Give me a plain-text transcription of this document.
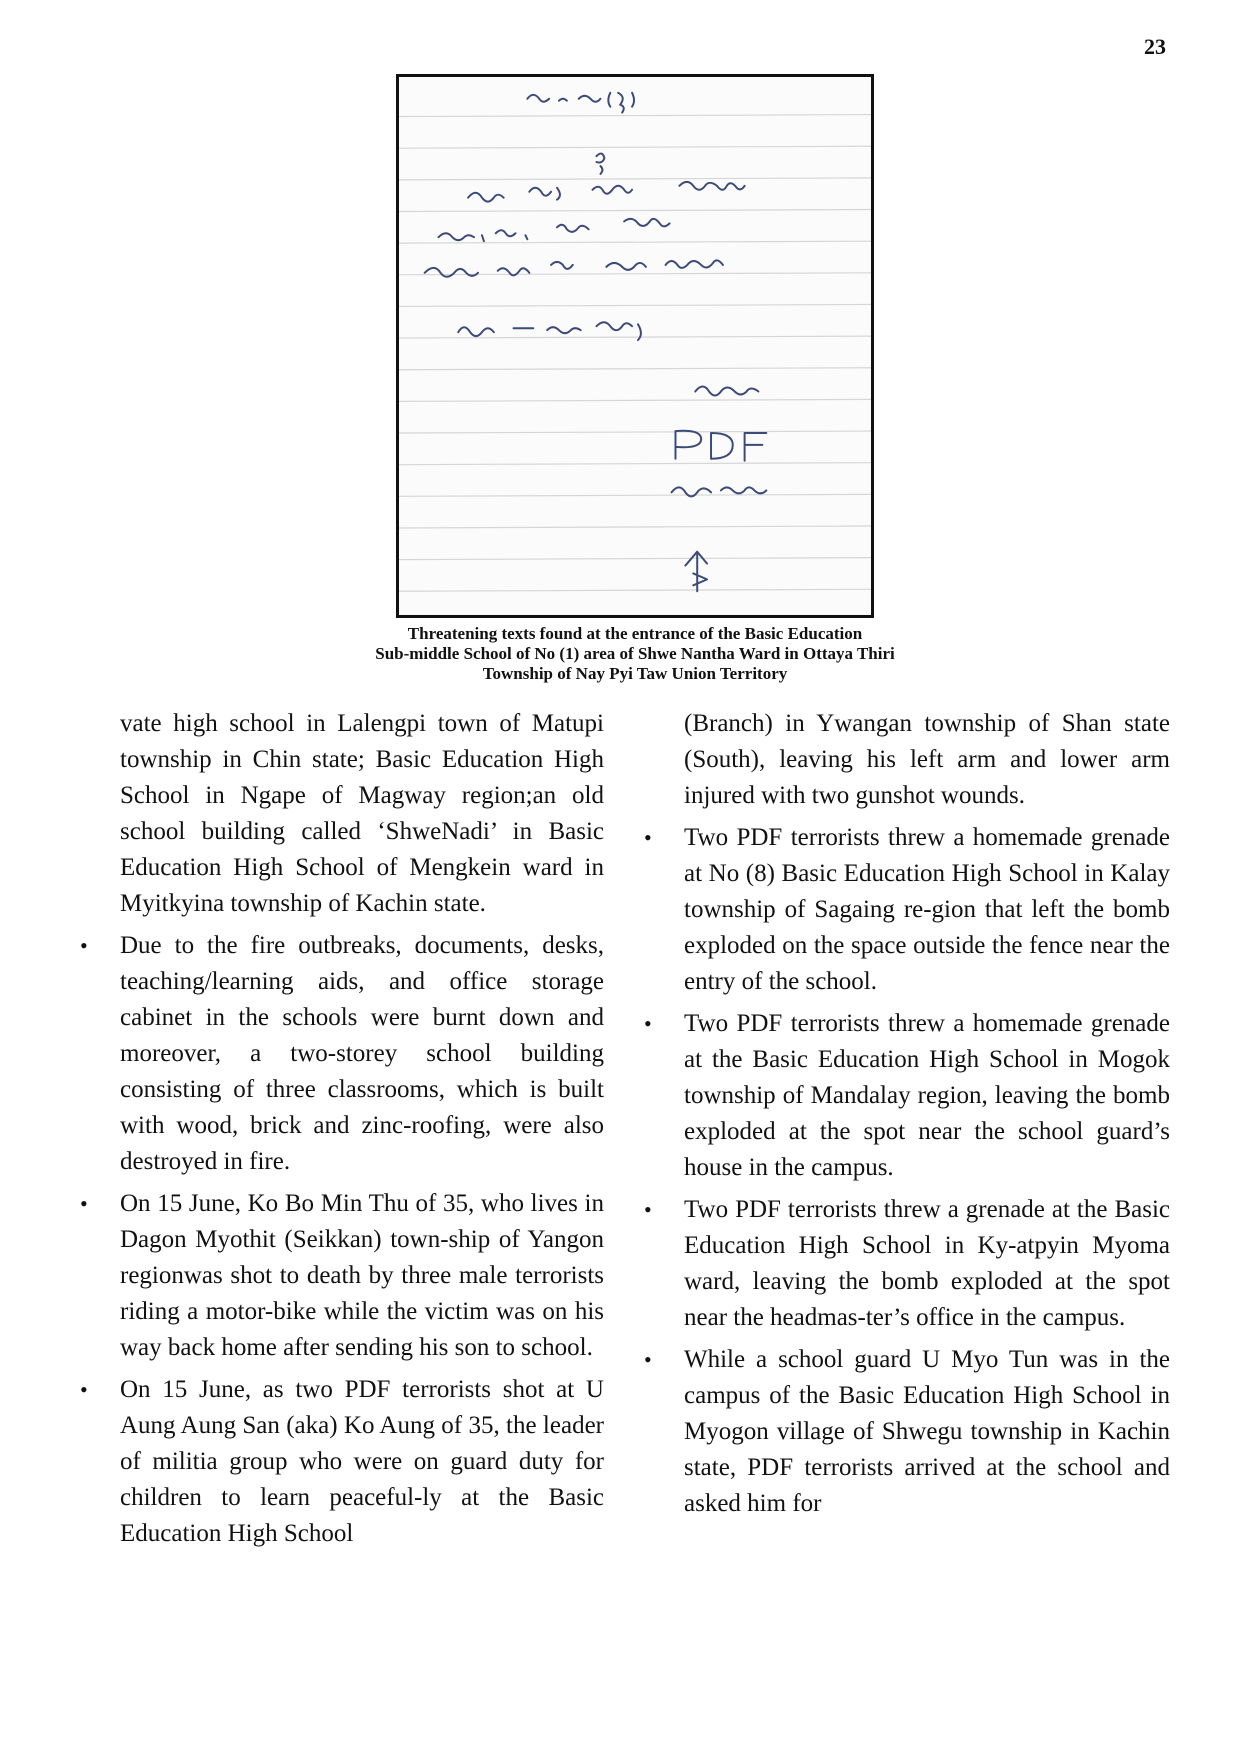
23
Threatening texts found at the entrance of the Basic Education
Sub-middle School of No (1) area of Shwe Nantha Ward in Ottaya Thiri
Township of Nay Pyi Taw Union Territory

vate high school in Lalengpi town of Matupi township in Chin state; Basic Education High School in Ngape of Magway region;an old school building called ‘ShweNadi’ in Basic Education High School of Mengkein ward in Myitkyina township of Kachin state.

• Due to the fire outbreaks, documents, desks, teaching/learning aids, and office storage cabinet in the schools were burnt down and moreover, a two-storey school building consisting of three classrooms, which is built with wood, brick and zinc-roofing, were also destroyed in fire.
• On 15 June, Ko Bo Min Thu of 35, who lives in Dagon Myothit (Seikkan) town-ship of Yangon regionwas shot to death by three male terrorists riding a motor-bike while the victim was on his way back home after sending his son to school.
• On 15 June, as two PDF terrorists shot at U Aung Aung San (aka) Ko Aung of 35, the leader of militia group who were on guard duty for children to learn peaceful-ly at the Basic Education High School

(Branch) in Ywangan township of Shan state (South), leaving his left arm and lower arm injured with two gunshot wounds.

• Two PDF terrorists threw a homemade grenade at No (8) Basic Education High School in Kalay township of Sagaing re-gion that left the bomb exploded on the space outside the fence near the entry of the school.
• Two PDF terrorists threw a homemade grenade at the Basic Education High School in Mogok township of Mandalay region, leaving the bomb exploded at the spot near the school guard’s house in the campus.
• Two PDF terrorists threw a grenade at the Basic Education High School in Ky-atpyin Myoma ward, leaving the bomb exploded at the spot near the headmas-ter’s office in the campus.
• While a school guard U Myo Tun was in the campus of the Basic Education High School in Myogon village of Shwegu township in Kachin state, PDF terrorists arrived at the school and asked him for
